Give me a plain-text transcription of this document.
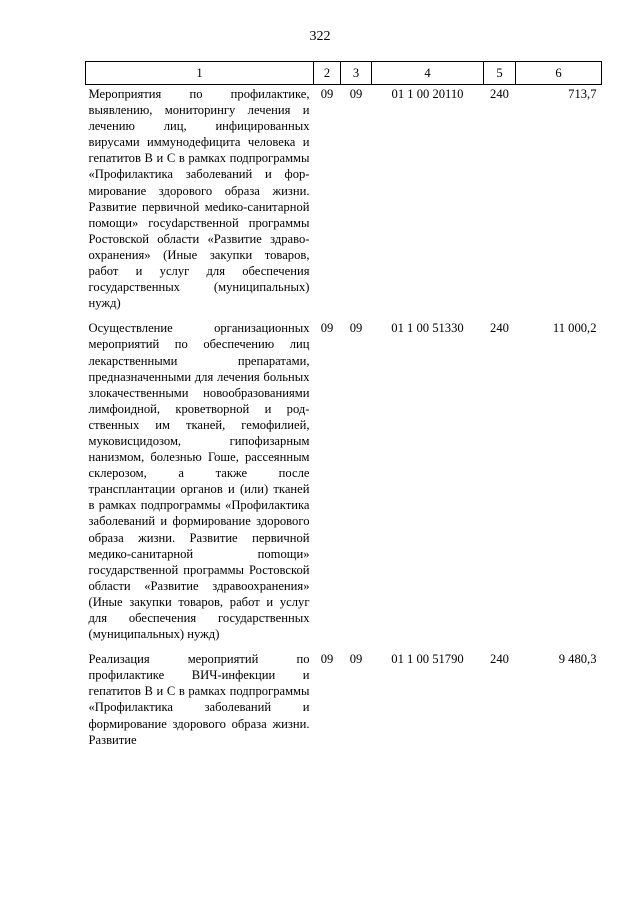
322
1	2	3	4	5	6
Мероприятия по профилактике, выявлению, мониторингу лечения и лечению лиц, инфицированных вирусами иммунодефицита человека и гепатитов В и С в рамках подпрограммы «Профилактика заболеваний и формирование здорового образа жизни. Развитие первичной меdико-санитарной помощи» госуdарственной программы Ростовской области «Развитие здравоохранения» (Иные закупки товаров, работ и услуг для обеспечения государственных (муниципальных) нужд)	09	09	01 1 00 20110	240	713,7
Осуществление организационных мероприятий по обеспечению лиц лекарственными препаратами, предназначенными для лечения больных злокачественными новообразованиями лимфоидной, кроветворной и родственных им тканей, гемофилией, муковисцидозом, гипофизарным нанизмом, болезнью Гоше, рассеянным склерозом, а также после трансплантации органов и (или) тканей в рамках подпрограммы «Профилактика заболеваний и формирование здорового образа жизни. Развитие первичной медико-санитарной поmощи» государственной программы Ростовской области «Развитие здравоохранения» (Иные закупки товаров, работ и услуг для обеспечения государственных (муниципальных) нужд)	09	09	01 1 00 51330	240	11 000,2
Реализация мероприятий по профилактике ВИЧ-инфекции и гепатитов В и С в рамках подпрограммы «Профилактика заболеваний и формирование здорового образа жизни. Развитие	09	09	01 1 00 51790	240	9 480,3
